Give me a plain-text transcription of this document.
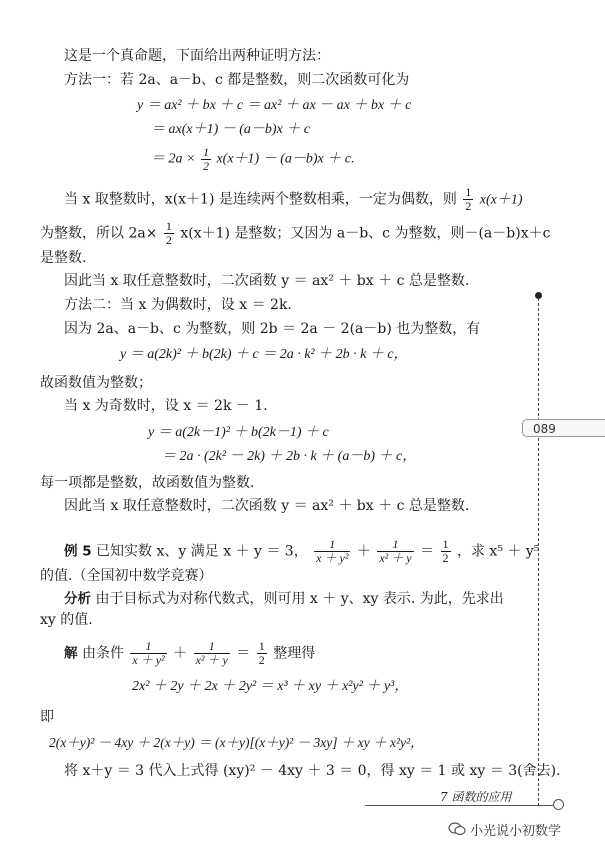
这是一个真命题，下面给出两种证明方法：
方法一：若 2a、a－b、c 都是整数，则二次函数可化为
y ＝ ax² ＋ bx ＋ c ＝ ax² ＋ ax － ax ＋ bx ＋ c
＝ ax(x＋1) － (a－b)x ＋ c
＝ $2a \times \frac{1}{2} x(x+1) - (a-b)x + c$.
当 x 取整数时，x(x＋1) 是连续两个整数相乘，一定为偶数，则 $\frac{1}{2} x(x+1)$
为整数，所以 $2a\times \frac{1}{2} x(x+1)$ 是整数；又因为 a－b、c 为整数，则－(a－b)x＋c
是整数.
因此当 x 取任意整数时，二次函数 y ＝ ax² ＋ bx ＋ c 总是整数.
方法二：当 x 为偶数时，设 x ＝ 2k.
因为 2a、a－b、c 为整数，则 2b ＝ 2a － 2(a－b) 也为整数，有
y ＝ a(2k)² ＋ b(2k) ＋ c ＝ 2a · k² ＋ 2b · k ＋ c，
故函数值为整数；
当 x 为奇数时，设 x ＝ 2k － 1.
y ＝ a(2k－1)² ＋ b(2k－1) ＋ c
＝ 2a · (2k² － 2k) ＋ 2b · k ＋ (a－b) ＋ c，
每一项都是整数，故函数值为整数.
因此当 x 取任意整数时，二次函数 y ＝ ax² ＋ bx ＋ c 总是整数.
例 5 已知实数 x、y 满足 x ＋ y ＝ 3， $\frac{1}{\text{x ＋ y²}} + \frac{1}{\text{x² ＋ y}} = \frac{1}{2}$ ，求 x⁵ ＋ y⁵
的值.（全国初中数学竞赛）
分析 由于目标式为对称代数式，则可用 x ＋ y、xy 表示. 为此，先求出
xy 的值.
解 由条件 $\frac{1}{\text{x ＋ y²}} + \frac{1}{\text{x² ＋ y}} = \frac{1}{2}$ 整理得
2x² ＋ 2y ＋ 2x ＋ 2y² ＝ x³ ＋ xy ＋ x²y² ＋ y³，
即
2(x＋y)² － 4xy ＋ 2(x＋y) ＝ (x＋y)[(x＋y)² － 3xy] ＋ xy ＋ x²y²，
将 x＋y ＝ 3 代入上式得 (xy)² － 4xy ＋ 3 ＝ 0，得 xy ＝ 1 或 xy ＝ 3(舍去).
089
7 函数的应用
小光说小初数学
